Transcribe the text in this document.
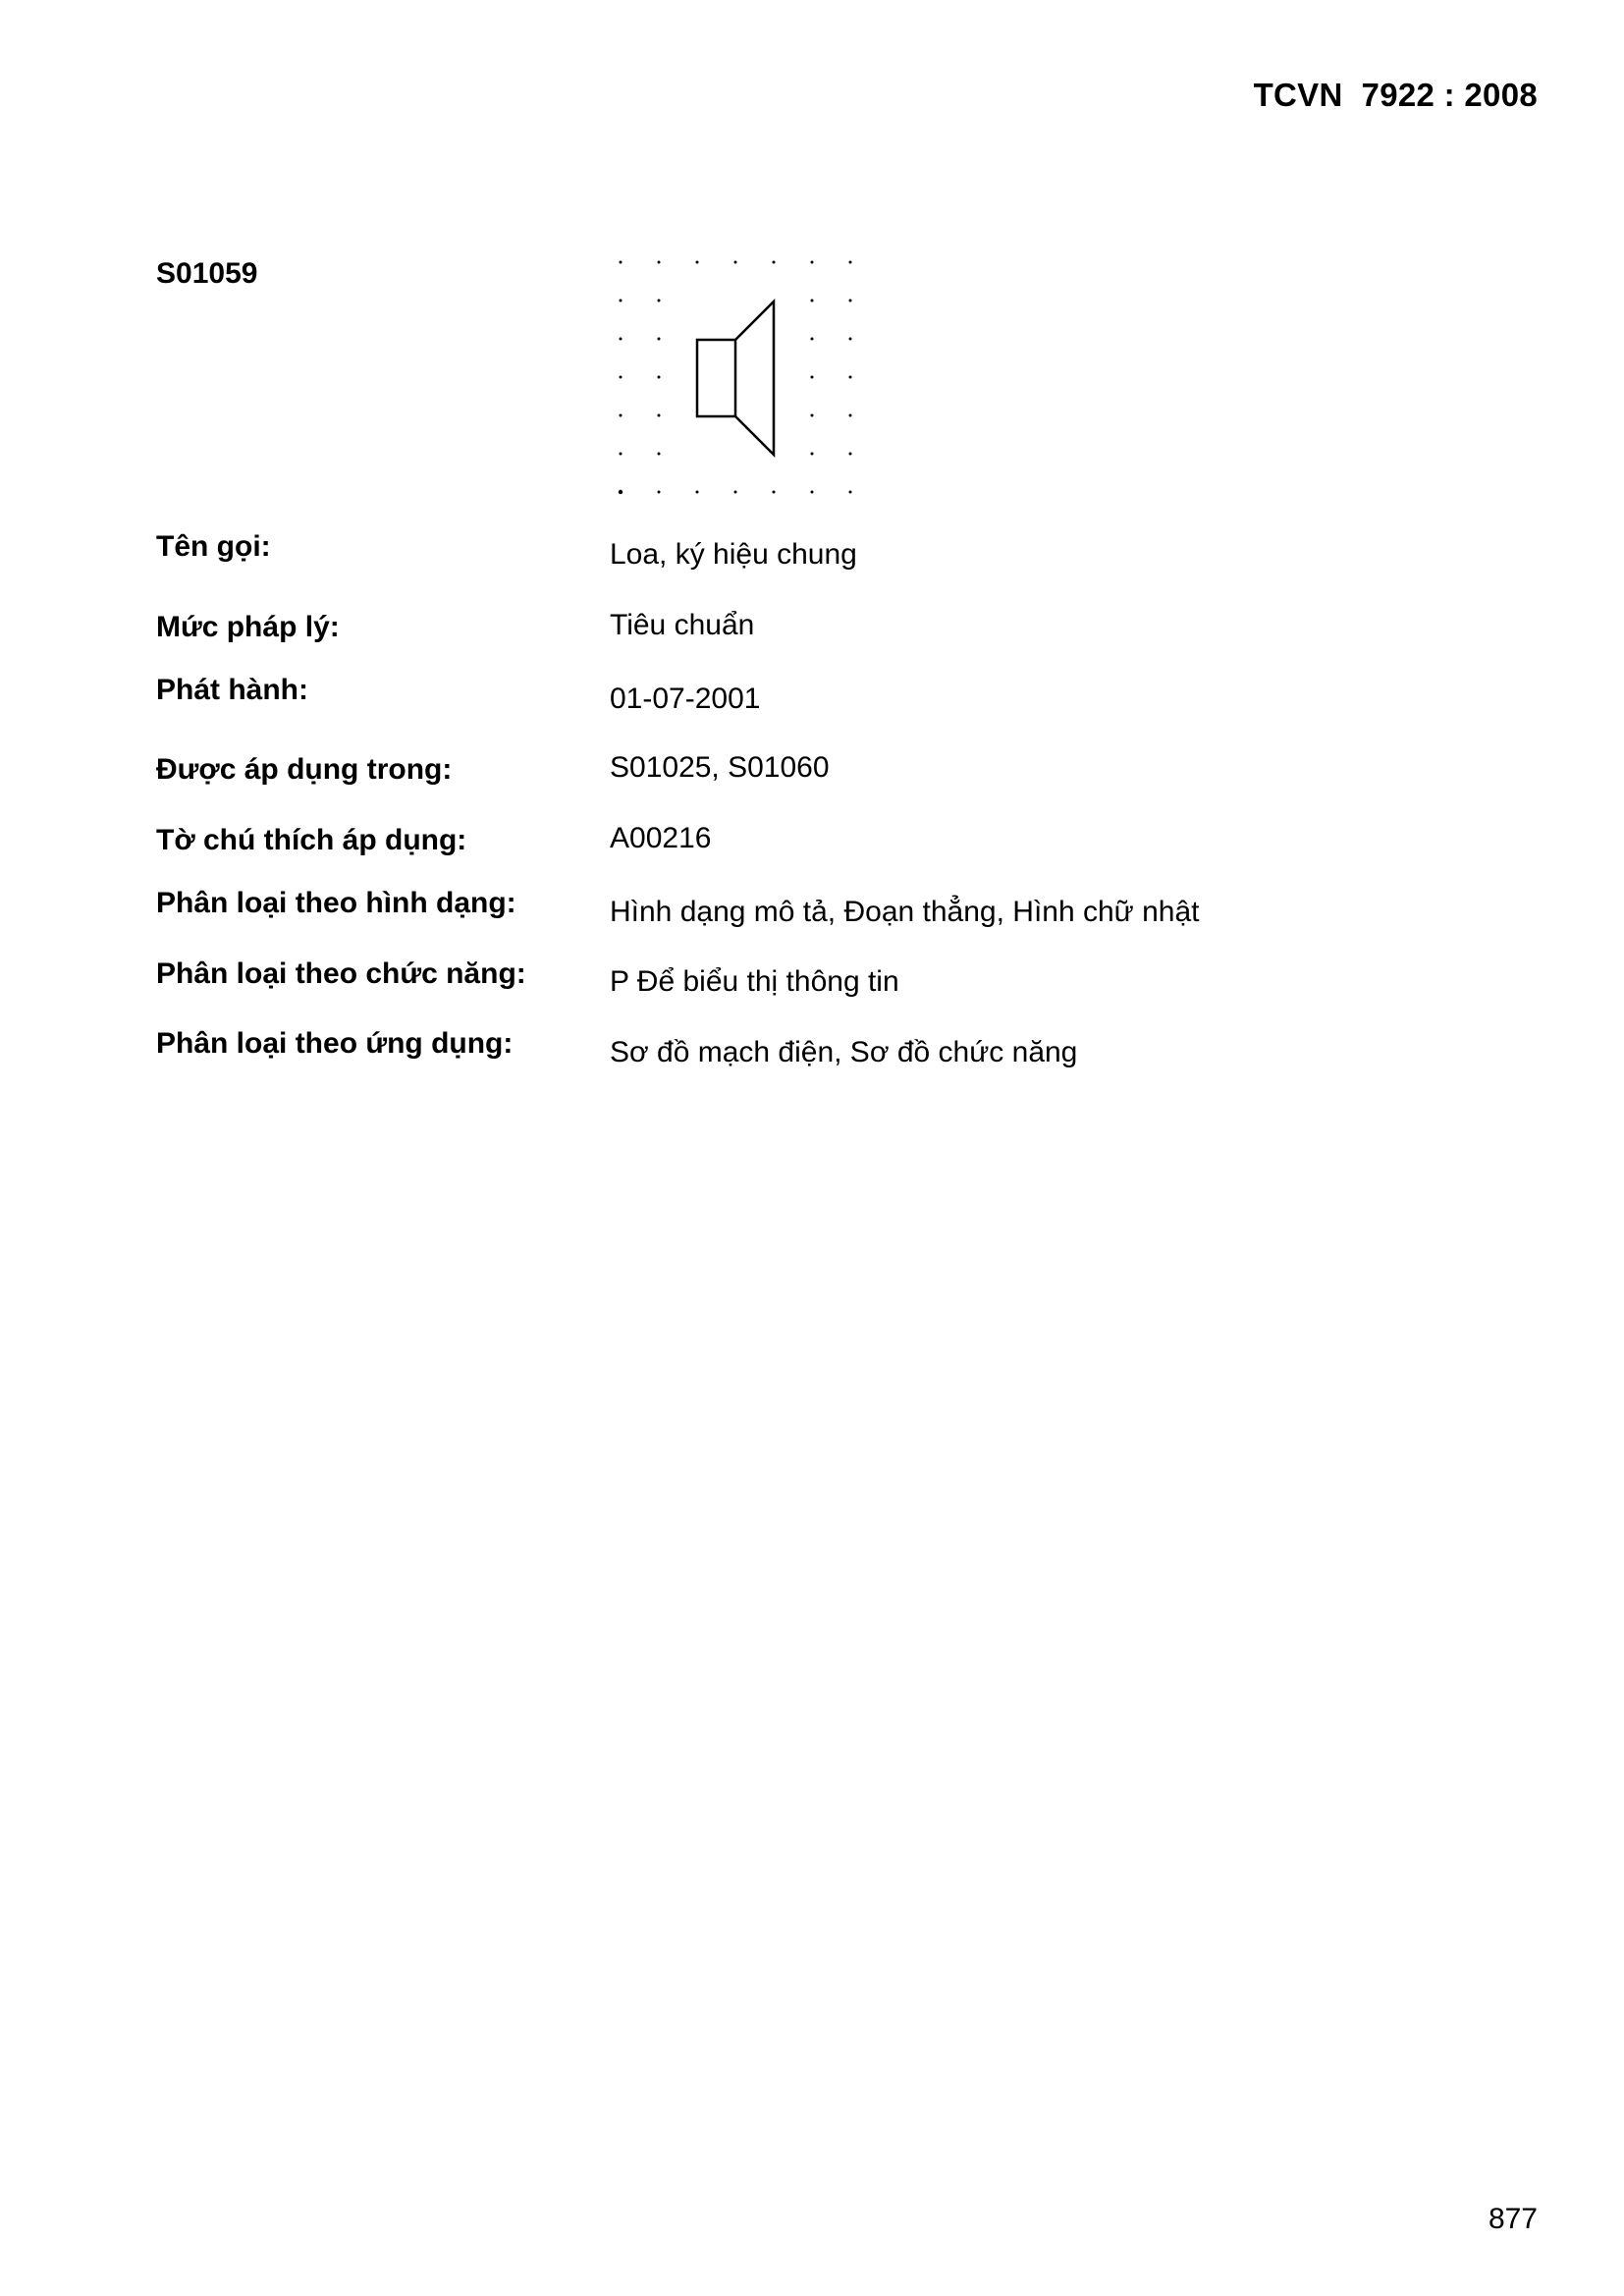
TCVN  7922 : 2008
S01059
Tên gọi:	Loa, ký hiệu chung
Mức pháp lý:	Tiêu chuẩn
Phát hành:	01-07-2001
Được áp dụng trong:	S01025, S01060
Tờ chú thích áp dụng:	A00216
Phân loại theo hình dạng:	Hình dạng mô tả, Đoạn thẳng, Hình chữ nhật
Phân loại theo chức năng:	P Để biểu thị thông tin
Phân loại theo ứng dụng:	Sơ đồ mạch điện, Sơ đồ chức năng
877
